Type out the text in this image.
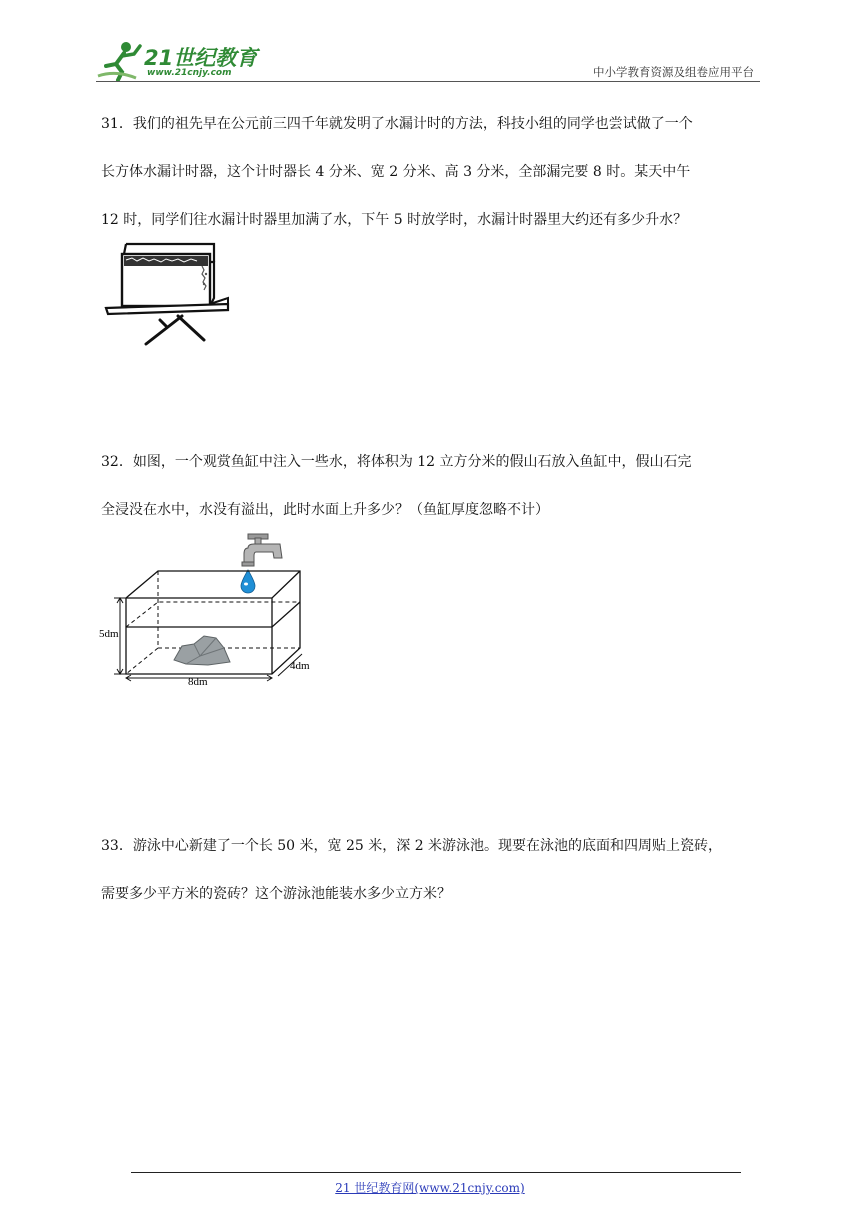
21世纪教育
www.21cnjy.com	中小学教育资源及组卷应用平台
31．我们的祖先早在公元前三四千年就发明了水漏计时的方法，科技小组的同学也尝试做了一个
长方体水漏计时器，这个计时器长 4 分米、宽 2 分米、高 3 分米，全部漏完要 8 时。某天中午
12 时，同学们往水漏计时器里加满了水，下午 5 时放学时，水漏计时器里大约还有多少升水？
32．如图，一个观赏鱼缸中注入一些水，将体积为 12 立方分米的假山石放入鱼缸中，假山石完
全浸没在水中，水没有溢出，此时水面上升多少？（鱼缸厚度忽略不计）
5dm
8dm
4dm
33．游泳中心新建了一个长 50 米，宽 25 米，深 2 米游泳池。现要在泳池的底面和四周贴上瓷砖，
需要多少平方米的瓷砖？这个游泳池能装水多少立方米？
21 世纪教育网(www.21cnjy.com)
